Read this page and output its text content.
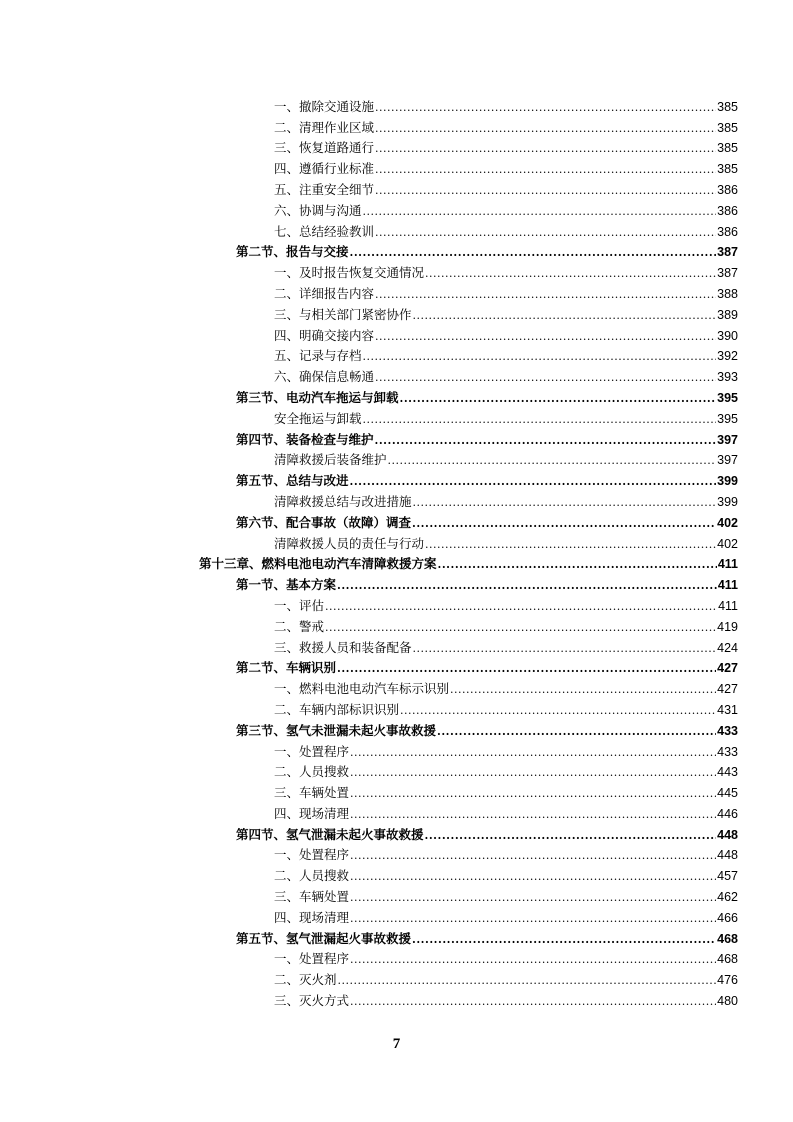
一、撤除交通设施 .....	385
二、清理作业区域 .....	385
三、恢复道路通行 .....	385
四、遵循行业标准 .....	385
五、注重安全细节 .....	386
六、协调与沟通 .....	386
七、总结经验教训 .....	386
第二节、报告与交接 .....	387
一、及时报告恢复交通情况 .....	387
二、详细报告内容 .....	388
三、与相关部门紧密协作 .....	389
四、明确交接内容 .....	390
五、记录与存档 .....	392
六、确保信息畅通 .....	393
第三节、电动汽车拖运与卸载 .....	395
安全拖运与卸载 .....	395
第四节、装备检查与维护 .....	397
清障救援后装备维护 .....	397
第五节、总结与改进 .....	399
清障救援总结与改进措施 .....	399
第六节、配合事故（故障）调查 .....	402
清障救援人员的责任与行动 .....	402
第十三章、燃料电池电动汽车清障救援方案 .....	411
第一节、基本方案 .....	411
一、评估 .....	411
二、警戒 .....	419
三、救援人员和装备配备 .....	424
第二节、车辆识别 .....	427
一、燃料电池电动汽车标示识别 .....	427
二、车辆内部标识识别 .....	431
第三节、氢气未泄漏未起火事故救援 .....	433
一、处置程序 .....	433
二、人员搜救 .....	443
三、车辆处置 .....	445
四、现场清理 .....	446
第四节、氢气泄漏未起火事故救援 .....	448
一、处置程序 .....	448
二、人员搜救 .....	457
三、车辆处置 .....	462
四、现场清理 .....	466
第五节、氢气泄漏起火事故救援 .....	468
一、处置程序 .....	468
二、灭火剂 .....	476
三、灭火方式 .....	480
7
